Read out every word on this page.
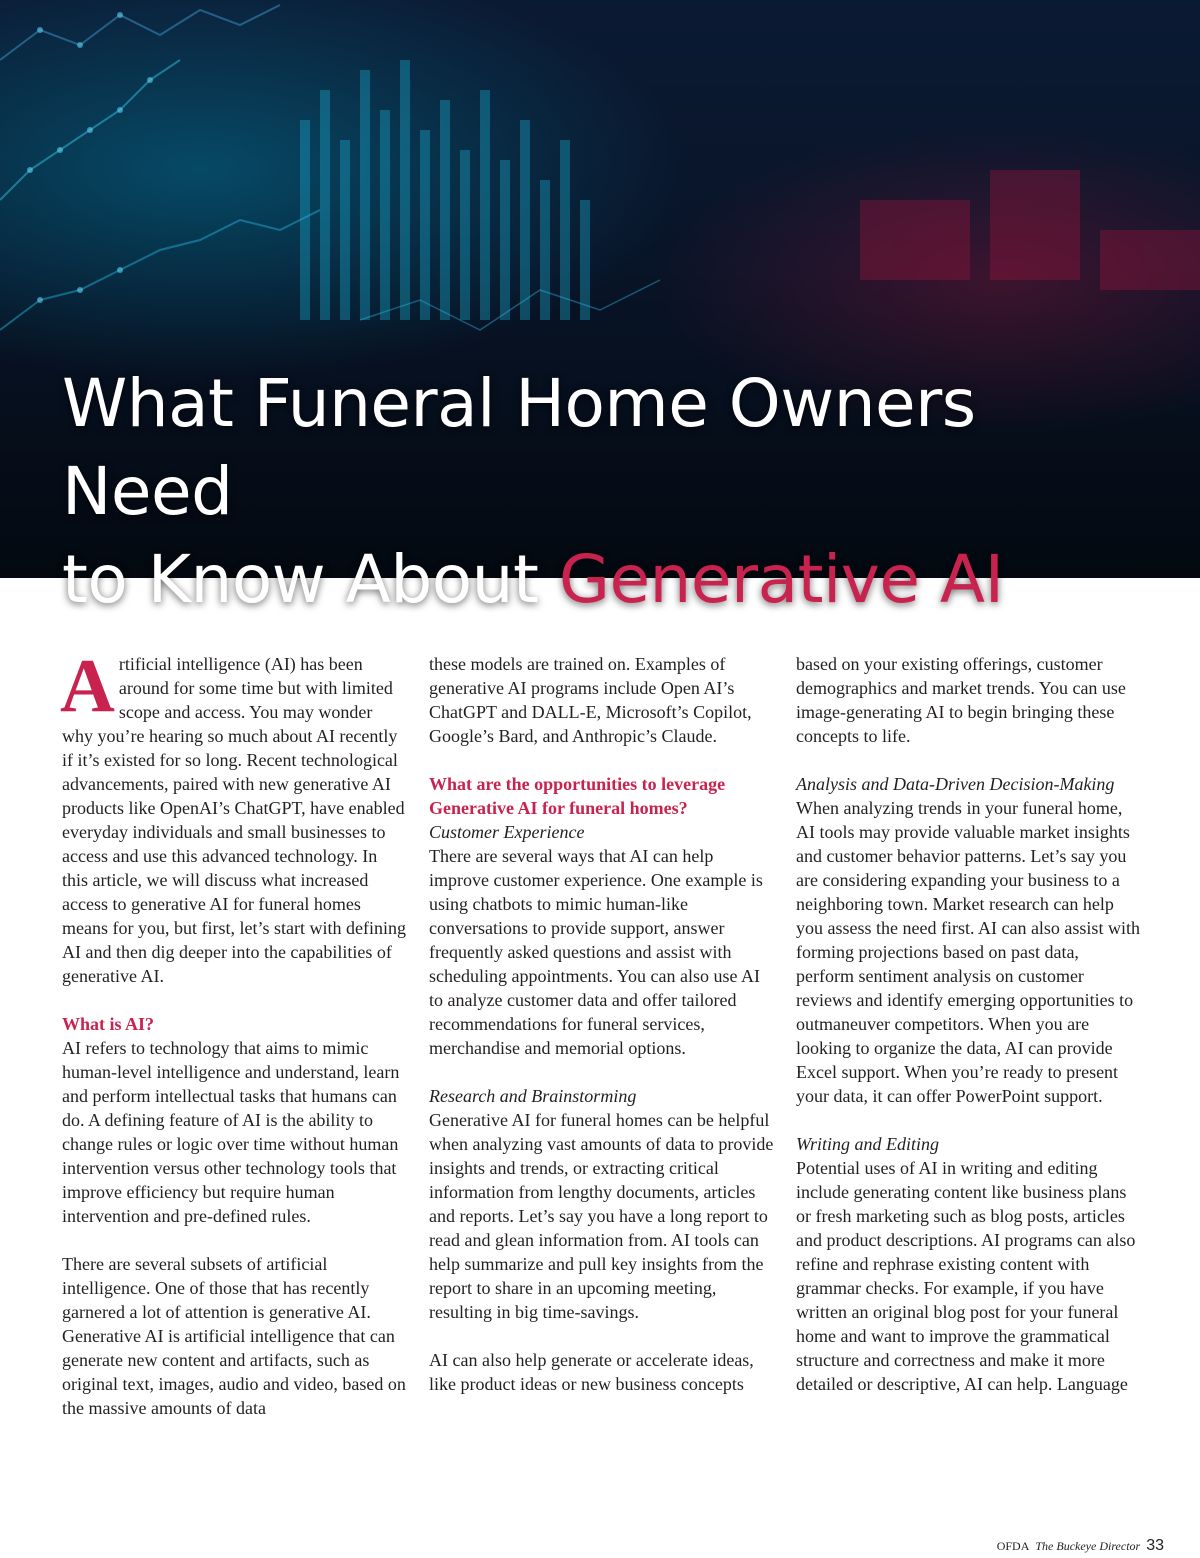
What Funeral Home Owners Need
to Know About Generative AI

Artificial intelligence (AI) has been around for some time but with limited scope and access. You may wonder why you’re hearing so much about AI recently if it’s existed for so long. Recent technological advancements, paired with new generative AI products like OpenAI’s ChatGPT, have enabled everyday individuals and small businesses to access and use this advanced technology. In this article, we will discuss what increased access to generative AI for funeral homes means for you, but first, let’s start with defining AI and then dig deeper into the capabilities of generative AI.

What is AI?

AI refers to technology that aims to mimic human-level intelligence and understand, learn and perform intellectual tasks that humans can do. A defining feature of AI is the ability to change rules or logic over time without human intervention versus other technology tools that improve efficiency but require human intervention and pre-defined rules.

There are several subsets of artificial intelligence. One of those that has recently garnered a lot of attention is generative AI. Generative AI is artificial intelligence that can generate new content and artifacts, such as original text, images, audio and video, based on the massive amounts of data

these models are trained on. Examples of generative AI programs include Open AI’s ChatGPT and DALL-E, Microsoft’s Copilot, Google’s Bard, and Anthropic’s Claude.

What are the opportunities to leverage Generative AI for funeral homes?

Customer Experience

There are several ways that AI can help improve customer experience. One example is using chatbots to mimic human-like conversations to provide support, answer frequently asked questions and assist with scheduling appointments. You can also use AI to analyze customer data and offer tailored recommendations for funeral services, merchandise and memorial options.

Research and Brainstorming

Generative AI for funeral homes can be helpful when analyzing vast amounts of data to provide insights and trends, or extracting critical information from lengthy documents, articles and reports. Let’s say you have a long report to read and glean information from. AI tools can help summarize and pull key insights from the report to share in an upcoming meeting, resulting in big time-savings.

AI can also help generate or accelerate ideas, like product ideas or new business concepts

based on your existing offerings, customer demographics and market trends. You can use image-generating AI to begin bringing these concepts to life.

Analysis and Data-Driven Decision-Making

When analyzing trends in your funeral home, AI tools may provide valuable market insights and customer behavior patterns. Let’s say you are considering expanding your business to a neighboring town. Market research can help you assess the need first. AI can also assist with forming projections based on past data, perform sentiment analysis on customer reviews and identify emerging opportunities to outmaneuver competitors. When you are looking to organize the data, AI can provide Excel support. When you’re ready to present your data, it can offer PowerPoint support.

Writing and Editing

Potential uses of AI in writing and editing include generating content like business plans or fresh marketing such as blog posts, articles and product descriptions. AI programs can also refine and rephrase existing content with grammar checks. For example, if you have written an original blog post for your funeral home and want to improve the grammatical structure and correctness and make it more detailed or descriptive, AI can help. Language

OFDA The Buckeye Director 33
